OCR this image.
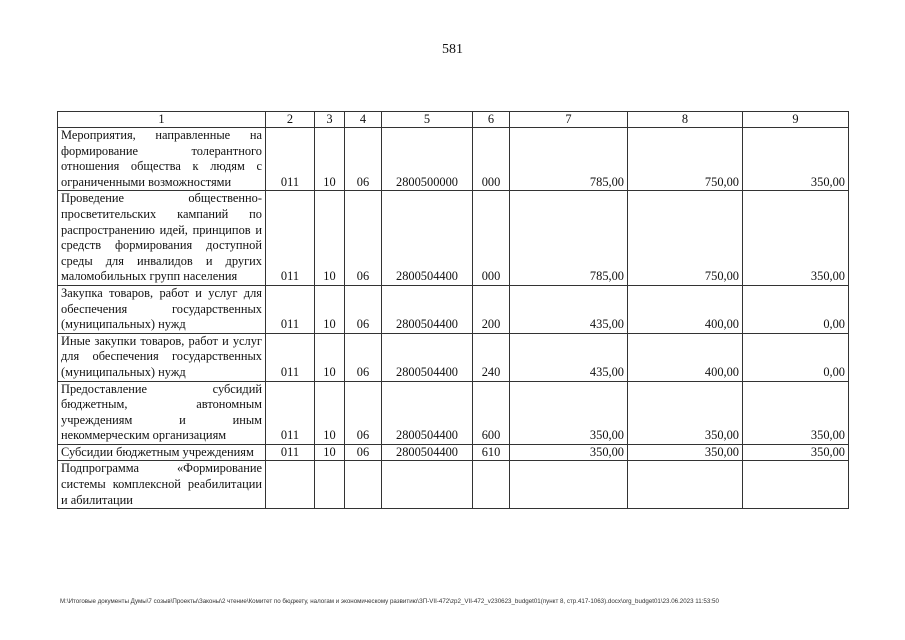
581
1	2	3	4	5	6	7	8	9
Мероприятия, направленные на формирование толерантного отношения общества к людям с ограниченными возможностями	011	10	06	2800500000	000	785,00	750,00	350,00
Проведение общественно-просветительских кампаний по распространению идей, принципов и средств формирования доступной среды для инвалидов и других маломобильных групп населения	011	10	06	2800504400	000	785,00	750,00	350,00
Закупка товаров, работ и услуг для обеспечения государственных (муниципальных) нужд	011	10	06	2800504400	200	435,00	400,00	0,00
Иные закупки товаров, работ и услуг для обеспечения государственных (муниципальных) нужд	011	10	06	2800504400	240	435,00	400,00	0,00
Предоставление субсидий бюджетным, автономным учреждениям и иным некоммерческим организациям	011	10	06	2800504400	600	350,00	350,00	350,00
Субсидии бюджетным учреждениям	011	10	06	2800504400	610	350,00	350,00	350,00
Подпрограмма «Формирование системы комплексной реабилитации и абилитации								
M:\Итоговые документы Думы\7 созыв\Проекты\Законы\2 чтение\Комитет по бюджету, налогам и экономическому развитию\ЗП-VII-472\zp2_VII-472_v230623_budget01(пункт 8, стр.417-1063).docx\org_budget01\23.06.2023 11:53:50
